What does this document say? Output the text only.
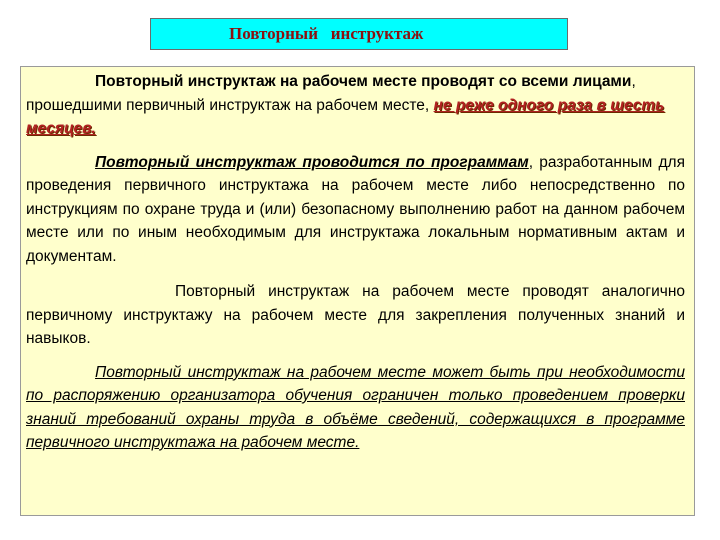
Повторный   инструктаж

Повторный инструктаж на рабочем месте проводят со всеми лицами, прошедшими первичный инструктаж на рабочем месте, не реже одного раза в шесть месяцев.

Повторный инструктаж проводится по программам, разработанным для проведения первичного инструктажа на рабочем месте либо непосредственно по инструкциям по охране труда и (или) безопасному выполнению работ на данном рабочем месте или по иным необходимым для инструктажа локальным нормативным актам и документам.

Повторный инструктаж на рабочем месте проводят аналогично первичному инструктажу на рабочем месте для закрепления полученных знаний и навыков.

Повторный инструктаж на рабочем месте может быть при необходимости по распоряжению организатора обучения ограничен только проведением проверки знаний требований охраны труда в объёме сведений, содержащихся в программе первичного инструктажа на рабочем месте.
